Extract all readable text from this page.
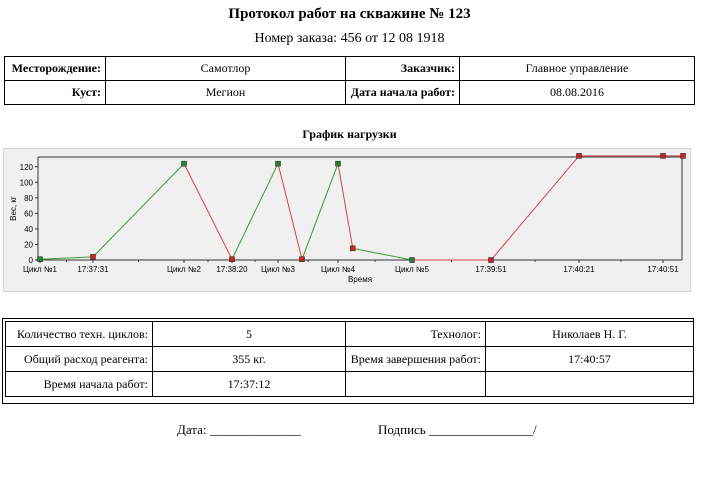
Протокол работ на скважине № 123
Номер заказа: 456 от 12 08 1918
Месторождение:	Самотлор	Заказчик:	Главное управление
Куст:	Мегион	Дата начала работ:	08.08.2016
График нагрузки
0
20
40
60
80
100
120
Вес, кг
Цикл №1	17:37:31	Цикл №2 17:38:20 Цикл №3	Цикл №4	Цикл №5	17:39:51	17:40:21	17:40:51
Время
Количество техн. циклов:	5	Технолог:	Николаев Н. Г.
Общий расход реагента:	355 кг.	Время завершения работ:	17:40:57
Время начала работ:	17:37:12		
Дата: ______________	Подпись ________________/
